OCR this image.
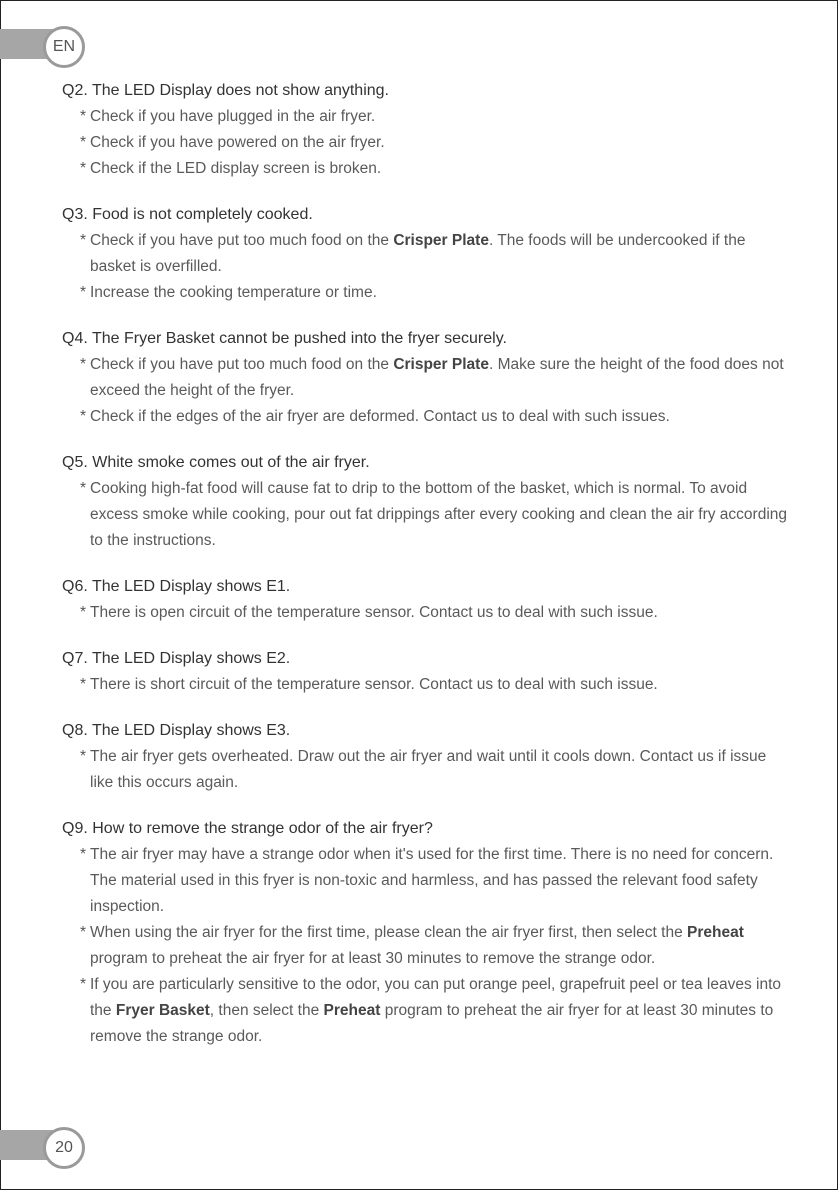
EN

Q2. The LED Display does not show anything.

* Check if you have plugged in the air fryer.
* Check if you have powered on the air fryer.
* Check if the LED display screen is broken.

Q3. Food is not completely cooked.

* Check if you have put too much food on the Crisper Plate. The foods will be undercooked if the basket is overfilled.
* Increase the cooking temperature or time.

Q4. The Fryer Basket cannot be pushed into the fryer securely.

* Check if you have put too much food on the Crisper Plate. Make sure the height of the food does not exceed the height of the fryer.
* Check if the edges of the air fryer are deformed. Contact us to deal with such issues.

Q5. White smoke comes out of the air fryer.

* Cooking high-fat food will cause fat to drip to the bottom of the basket, which is normal. To avoid excess smoke while cooking, pour out fat drippings after every cooking and clean the air fry according to the instructions.

Q6. The LED Display shows E1.

* There is open circuit of the temperature sensor. Contact us to deal with such issue.

Q7. The LED Display shows E2.

* There is short circuit of the temperature sensor. Contact us to deal with such issue.

Q8. The LED Display shows E3.

* The air fryer gets overheated. Draw out the air fryer and wait until it cools down. Contact us if issue like this occurs again.

Q9. How to remove the strange odor of the air fryer?

* The air fryer may have a strange odor when it's used for the first time. There is no need for concern. The material used in this fryer is non-toxic and harmless, and has passed the relevant food safety inspection.
* When using the air fryer for the first time, please clean the air fryer first, then select the Preheat program to preheat the air fryer for at least 30 minutes to remove the strange odor.
* If you are particularly sensitive to the odor, you can put orange peel, grapefruit peel or tea leaves into the Fryer Basket, then select the Preheat program to preheat the air fryer for at least 30 minutes to remove the strange odor.
20
